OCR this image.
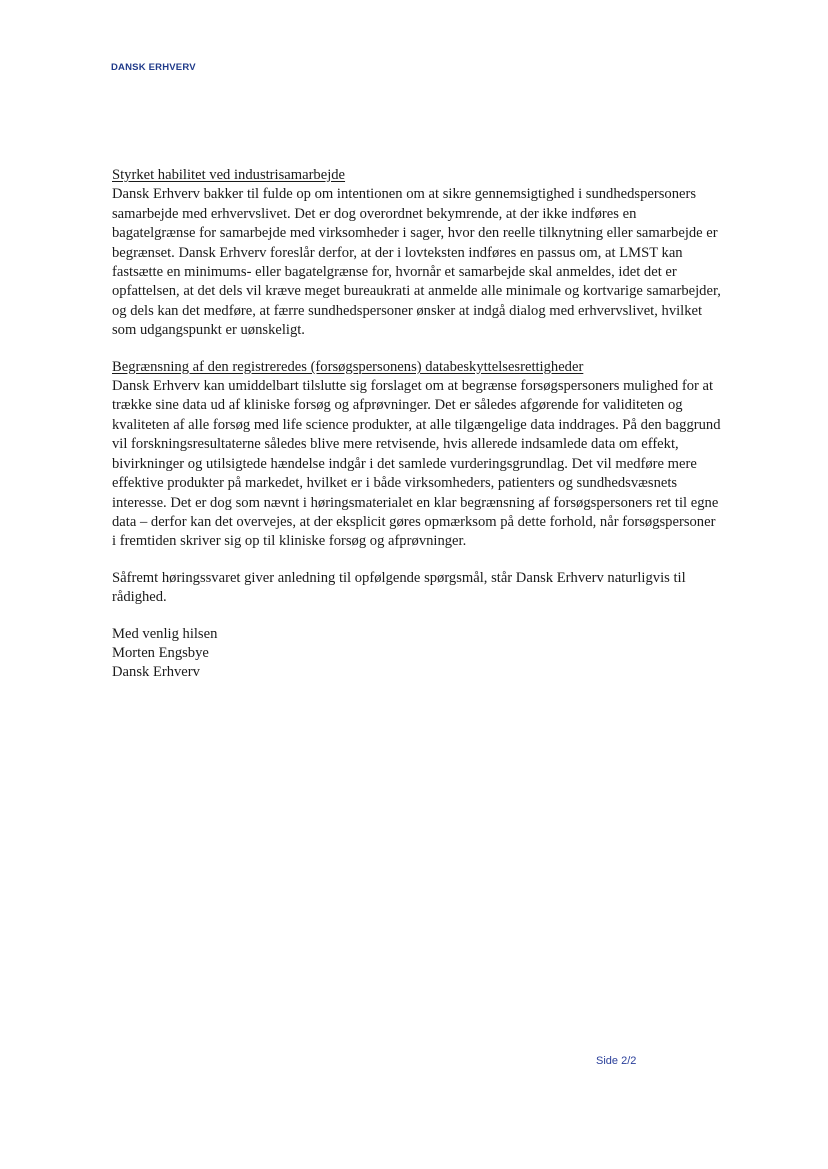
DANSK ERHVERV

Styrket habilitet ved industrisamarbejde

Dansk Erhverv bakker til fulde op om intentionen om at sikre gennemsigtighed i sundhedspersoners samarbejde med erhvervslivet. Det er dog overordnet bekymrende, at der ikke indføres en bagatelgrænse for samarbejde med virksomheder i sager, hvor den reelle tilknytning eller samarbejde er begrænset. Dansk Erhverv foreslår derfor, at der i lovteksten indføres en passus om, at LMST kan fastsætte en minimums- eller bagatelgrænse for, hvornår et samarbejde skal anmeldes, idet det er opfattelsen, at det dels vil kræve meget bureaukrati at anmelde alle minimale og kortvarige samarbejder, og dels kan det medføre, at færre sundhedspersoner ønsker at indgå dialog med erhvervslivet, hvilket som udgangspunkt er uønskeligt.

Begrænsning af den registreredes (forsøgspersonens) databeskyttelsesrettigheder

Dansk Erhverv kan umiddelbart tilslutte sig forslaget om at begrænse forsøgspersoners mulighed for at trække sine data ud af kliniske forsøg og afprøvninger. Det er således afgørende for validiteten og kvaliteten af alle forsøg med life science produkter, at alle tilgængelige data inddrages. På den baggrund vil forskningsresultaterne således blive mere retvisende, hvis allerede indsamlede data om effekt, bivirkninger og utilsigtede hændelse indgår i det samlede vurderingsgrundlag. Det vil medføre mere effektive produkter på markedet, hvilket er i både virksomheders, patienters og sundhedsvæsnets interesse. Det er dog som nævnt i høringsmaterialet en klar begrænsning af forsøgspersoners ret til egne data – derfor kan det overvejes, at der eksplicit gøres opmærksom på dette forhold, når forsøgspersoner i fremtiden skriver sig op til kliniske forsøg og afprøvninger.

Såfremt høringssvaret giver anledning til opfølgende spørgsmål, står Dansk Erhverv naturligvis til rådighed.

Med venlig hilsen
Morten Engsbye
Dansk Erhverv
Side 2/2
